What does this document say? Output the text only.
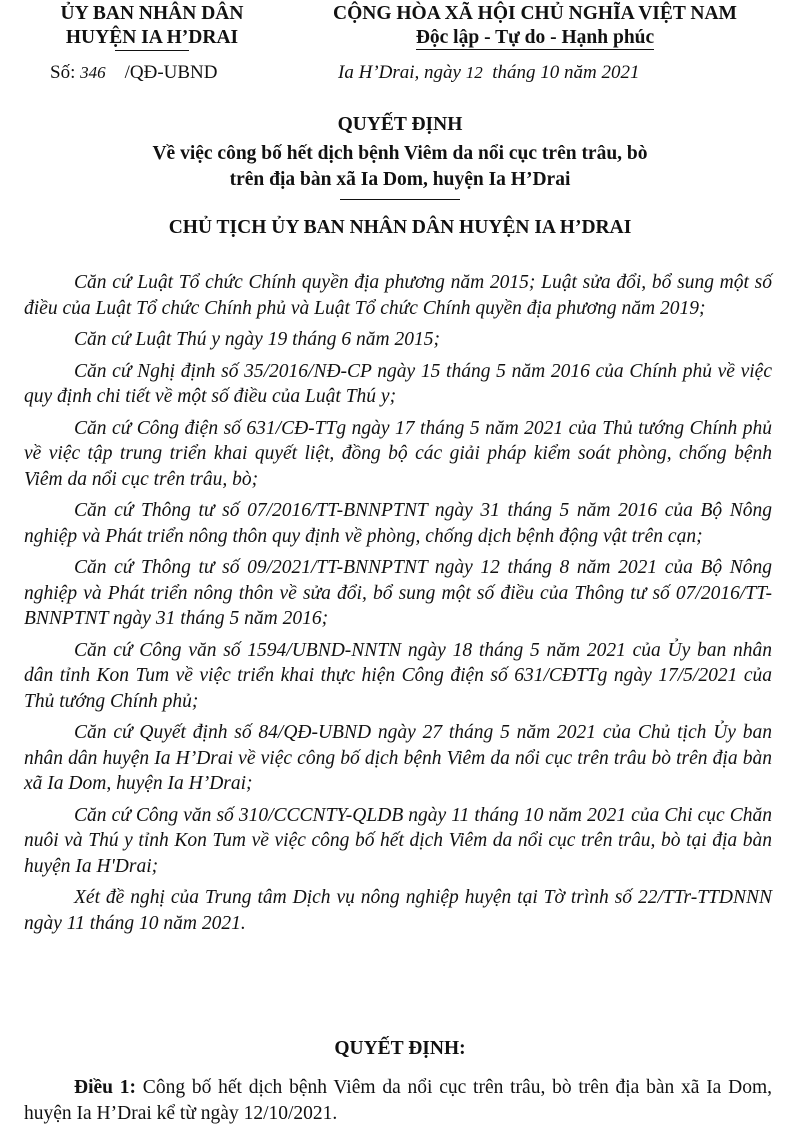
ỦY BAN NHÂN DÂN
HUYỆN IA H’DRAI
CỘNG HÒA XÃ HỘI CHỦ NGHĨA VIỆT NAM
Độc lập - Tự do - Hạnh phúc
Số: 346    /QĐ-UBND	Ia H’Drai, ngày 12  tháng 10 năm 2021
QUYẾT ĐỊNH
Về việc công bố hết dịch bệnh Viêm da nổi cục trên trâu, bò
trên địa bàn xã Ia Dom, huyện Ia H’Drai
CHỦ TỊCH ỦY BAN NHÂN DÂN HUYỆN IA H’DRAI

Căn cứ Luật Tổ chức Chính quyền địa phương năm 2015; Luật sửa đổi, bổ sung một số điều của Luật Tổ chức Chính phủ và Luật Tổ chức Chính quyền địa phương năm 2019;

Căn cứ Luật Thú y ngày 19 tháng 6 năm 2015;

Căn cứ Nghị định số 35/2016/NĐ-CP ngày 15 tháng 5 năm 2016 của Chính phủ về việc quy định chi tiết về một số điều của Luật Thú y;

Căn cứ Công điện số 631/CĐ-TTg ngày 17 tháng 5 năm 2021 của Thủ tướng Chính phủ về việc tập trung triển khai quyết liệt, đồng bộ các giải pháp kiểm soát phòng, chống bệnh Viêm da nổi cục trên trâu, bò;

Căn cứ Thông tư số 07/2016/TT-BNNPTNT ngày 31 tháng 5 năm 2016 của Bộ Nông nghiệp và Phát triển nông thôn quy định về phòng, chống dịch bệnh động vật trên cạn;

Căn cứ Thông tư số 09/2021/TT-BNNPTNT ngày 12 tháng 8 năm 2021 của Bộ Nông nghiệp và Phát triển nông thôn về sửa đổi, bổ sung một số điều của Thông tư số 07/2016/TT-BNNPTNT ngày 31 tháng 5 năm 2016;

Căn cứ Công văn số 1594/UBND-NNTN ngày 18 tháng 5 năm 2021 của Ủy ban nhân dân tỉnh Kon Tum về việc triển khai thực hiện Công điện số 631/CĐTTg ngày 17/5/2021 của Thủ tướng Chính phủ;

Căn cứ Quyết định số 84/QĐ-UBND ngày 27 tháng 5 năm 2021 của Chủ tịch Ủy ban nhân dân huyện Ia H’Drai về việc công bố dịch bệnh Viêm da nổi cục trên trâu bò trên địa bàn xã Ia Dom, huyện Ia H’Drai;

Căn cứ Công văn số 310/CCCNTY-QLDB ngày 11 tháng 10 năm 2021 của Chi cục Chăn nuôi và Thú y tỉnh Kon Tum về việc công bố hết dịch Viêm da nổi cục trên trâu, bò tại địa bàn huyện Ia H'Drai;

Xét đề nghị của Trung tâm Dịch vụ nông nghiệp huyện tại Tờ trình số 22/TTr-TTDNNN ngày 11 tháng 10 năm 2021.

QUYẾT ĐỊNH:
Điều 1: Công bố hết dịch bệnh Viêm da nổi cục trên trâu, bò trên địa bàn xã Ia Dom, huyện Ia H’Drai kể từ ngày 12/10/2021.
